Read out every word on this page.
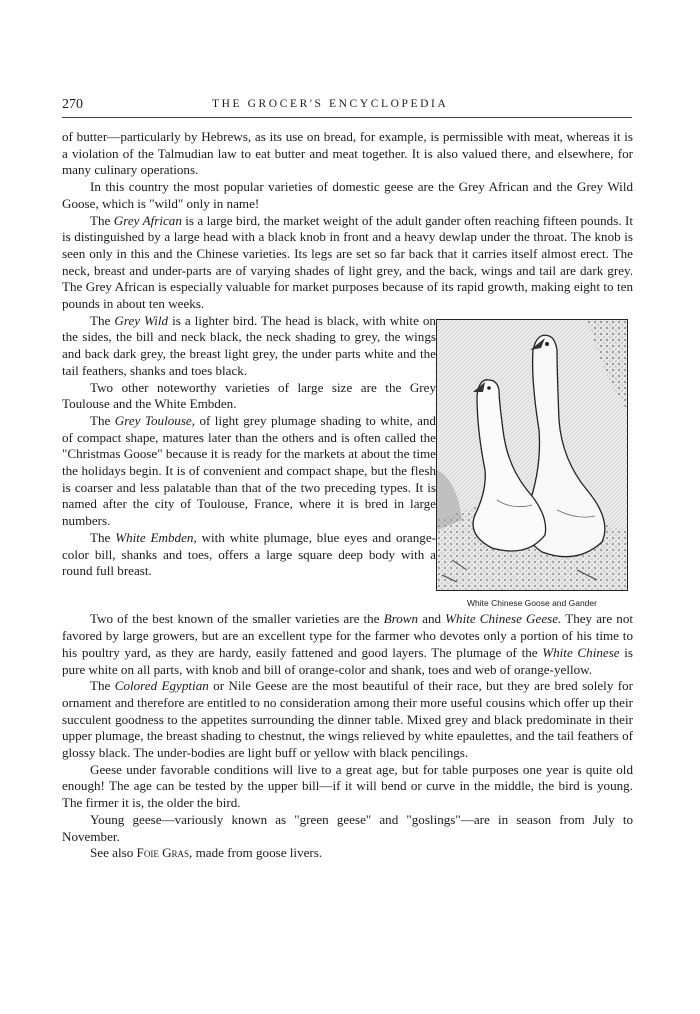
270	THE GROCER'S ENCYCLOPEDIA

of butter—particularly by Hebrews, as its use on bread, for example, is permissible with meat, whereas it is a violation of the Talmudian law to eat butter and meat together. It is also valued there, and elsewhere, for many culinary operations.

In this country the most popular varieties of domestic geese are the Grey African and the Grey Wild Goose, which is "wild" only in name!

The Grey African is a large bird, the market weight of the adult gander often reaching fifteen pounds. It is distinguished by a large head with a black knob in front and a heavy dewlap under the throat. The knob is seen only in this and the Chinese varieties. Its legs are set so far back that it carries itself almost erect. The neck, breast and under-parts are of varying shades of light grey, and the back, wings and tail are dark grey. The Grey African is especially valuable for market purposes because of its rapid growth, making eight to ten pounds in about ten weeks.

White Chinese Goose and Gander

The Grey Wild is a lighter bird. The head is black, with white on the sides, the bill and neck black, the neck shading to grey, the wings and back dark grey, the breast light grey, the under parts white and the tail feathers, shanks and toes black.

Two other noteworthy varieties of large size are the Grey Toulouse and the White Embden.

The Grey Toulouse, of light grey plumage shading to white, and of compact shape, matures later than the others and is often called the "Christmas Goose" because it is ready for the markets at about the time the holidays begin. It is of convenient and compact shape, but the flesh is coarser and less palatable than that of the two preceding types. It is named after the city of Toulouse, France, where it is bred in large numbers.

The White Embden, with white plumage, blue eyes and orange-color bill, shanks and toes, offers a large square deep body with a round full breast.

Two of the best known of the smaller varieties are the Brown and White Chinese Geese. They are not favored by large growers, but are an excellent type for the farmer who devotes only a portion of his time to his poultry yard, as they are hardy, easily fattened and good layers. The plumage of the White Chinese is pure white on all parts, with knob and bill of orange-color and shank, toes and web of orange-yellow.

The Colored Egyptian or Nile Geese are the most beautiful of their race, but they are bred solely for ornament and therefore are entitled to no consideration among their more useful cousins which offer up their succulent goodness to the appetites surrounding the dinner table. Mixed grey and black predominate in their upper plumage, the breast shading to chestnut, the wings relieved by white epaulettes, and the tail feathers of glossy black. The under-bodies are light buff or yellow with black pencilings.

Geese under favorable conditions will live to a great age, but for table purposes one year is quite old enough! The age can be tested by the upper bill—if it will bend or curve in the middle, the bird is young. The firmer it is, the older the bird.

Young geese—variously known as "green geese" and "goslings"—are in season from July to November.

See also Foie Gras, made from goose livers.
